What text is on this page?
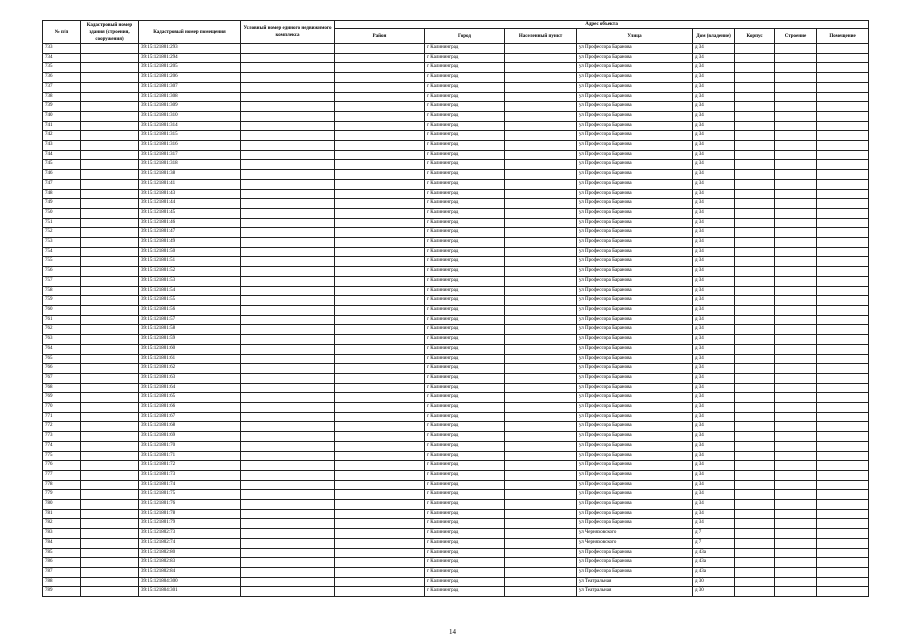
№ п/п	Кадастровый номер здания (строения, сооружения)	Кадастровый номер помещения	Условный номер единого недвижимого комплекса	Адрес объекта							
				Район	Город	Населенный пункт	Улица	Дом (владение)	Корпус	Строение	Помещение
733		39:15:121801:293			г Калининград		ул Профессора Баранова	д 34			
734		39:15:121801:294			г Калининград		ул Профессора Баранова	д 34			
735		39:15:121801:205			г Калининград		ул Профессора Баранова	д 34			
736		39:15:121801:206			г Калининград		ул Профессора Баранова	д 34			
737		39:15:121801:307			г Калининград		ул Профессора Баранова	д 34			
738		39:15:121801:308			г Калининград		ул Профессора Баранова	д 34			
739		39:15:121801:309			г Калининград		ул Профессора Баранова	д 34			
740		39:15:121801:310			г Калининград		ул Профессора Баранова	д 34			
741		39:15:121801:314			г Калининград		ул Профессора Баранова	д 34			
742		39:15:121801:315			г Калининград		ул Профессора Баранова	д 34			
743		39:15:121801:316			г Калининград		ул Профессора Баранова	д 34			
744		39:15:121801:317			г Калининград		ул Профессора Баранова	д 34			
745		39:15:121801:318			г Калининград		ул Профессора Баранова	д 34			
746		39:15:121801:38			г Калининград		ул Профессора Баранова	д 34			
747		39:15:121801:41			г Калининград		ул Профессора Баранова	д 34			
748		39:15:121801:43			г Калининград		ул Профессора Баранова	д 34			
749		39:15:121801:44			г Калининград		ул Профессора Баранова	д 34			
750		39:15:121801:45			г Калининград		ул Профессора Баранова	д 34			
751		39:15:121801:46			г Калининград		ул Профессора Баранова	д 34			
752		39:15:121801:47			г Калининград		ул Профессора Баранова	д 34			
753		39:15:121801:49			г Калининград		ул Профессора Баранова	д 34			
754		39:15:121801:50			г Калининград		ул Профессора Баранова	д 34			
755		39:15:121801:51			г Калининград		ул Профессора Баранова	д 34			
756		39:15:121801:52			г Калининград		ул Профессора Баранова	д 34			
757		39:15:121801:53			г Калининград		ул Профессора Баранова	д 34			
758		39:15:121801:54			г Калининград		ул Профессора Баранова	д 34			
759		39:15:121801:55			г Калининград		ул Профессора Баранова	д 34			
760		39:15:121801:56			г Калининград		ул Профессора Баранова	д 34			
761		39:15:121801:57			г Калининград		ул Профессора Баранова	д 34			
762		39:15:121801:58			г Калининград		ул Профессора Баранова	д 34			
763		39:15:121801:59			г Калининград		ул Профессора Баранова	д 34			
764		39:15:121801:60			г Калининград		ул Профессора Баранова	д 34			
765		39:15:121801:61			г Калининград		ул Профессора Баранова	д 34			
766		39:15:121801:62			г Калининград		ул Профессора Баранова	д 34			
767		39:15:121801:63			г Калининград		ул Профессора Баранова	д 34			
768		39:15:121801:64			г Калининград		ул Профессора Баранова	д 34			
769		39:15:121801:65			г Калининград		ул Профессора Баранова	д 34			
770		39:15:121801:66			г Калининград		ул Профессора Баранова	д 34			
771		39:15:121801:67			г Калининград		ул Профессора Баранова	д 34			
772		39:15:121801:68			г Калининград		ул Профессора Баранова	д 34			
773		39:15:121801:69			г Калининград		ул Профессора Баранова	д 34			
774		39:15:121801:70			г Калининград		ул Профессора Баранова	д 34			
775		39:15:121801:71			г Калининград		ул Профессора Баранова	д 34			
776		39:15:121801:72			г Калининград		ул Профессора Баранова	д 34			
777		39:15:121801:73			г Калининград		ул Профессора Баранова	д 34			
778		39:15:121801:74			г Калининград		ул Профессора Баранова	д 34			
779		39:15:121801:75			г Калининград		ул Профессора Баранова	д 34			
780		39:15:121801:76			г Калининград		ул Профессора Баранова	д 34			
781		39:15:121801:78			г Калининград		ул Профессора Баранова	д 34			
782		39:15:121801:79			г Калининград		ул Профессора Баранова	д 34			
783		39:15:121802:73			г Калининград		ул Черняховского	д 7			
784		39:15:121802:74			г Калининград		ул Черняховского	д 7			
785		39:15:121802:80			г Калининград		ул Профессора Баранова	д 43а			
786		39:15:121802:83			г Калининград		ул Профессора Баранова	д 43а			
787		39:15:121802:84			г Калининград		ул Профессора Баранова	д 43а			
788		39:15:121804:300			г Калининград		ул Театральная	д 30			
789		39:15:121804:301			г Калининград		ул Театральная	д 30			
14
